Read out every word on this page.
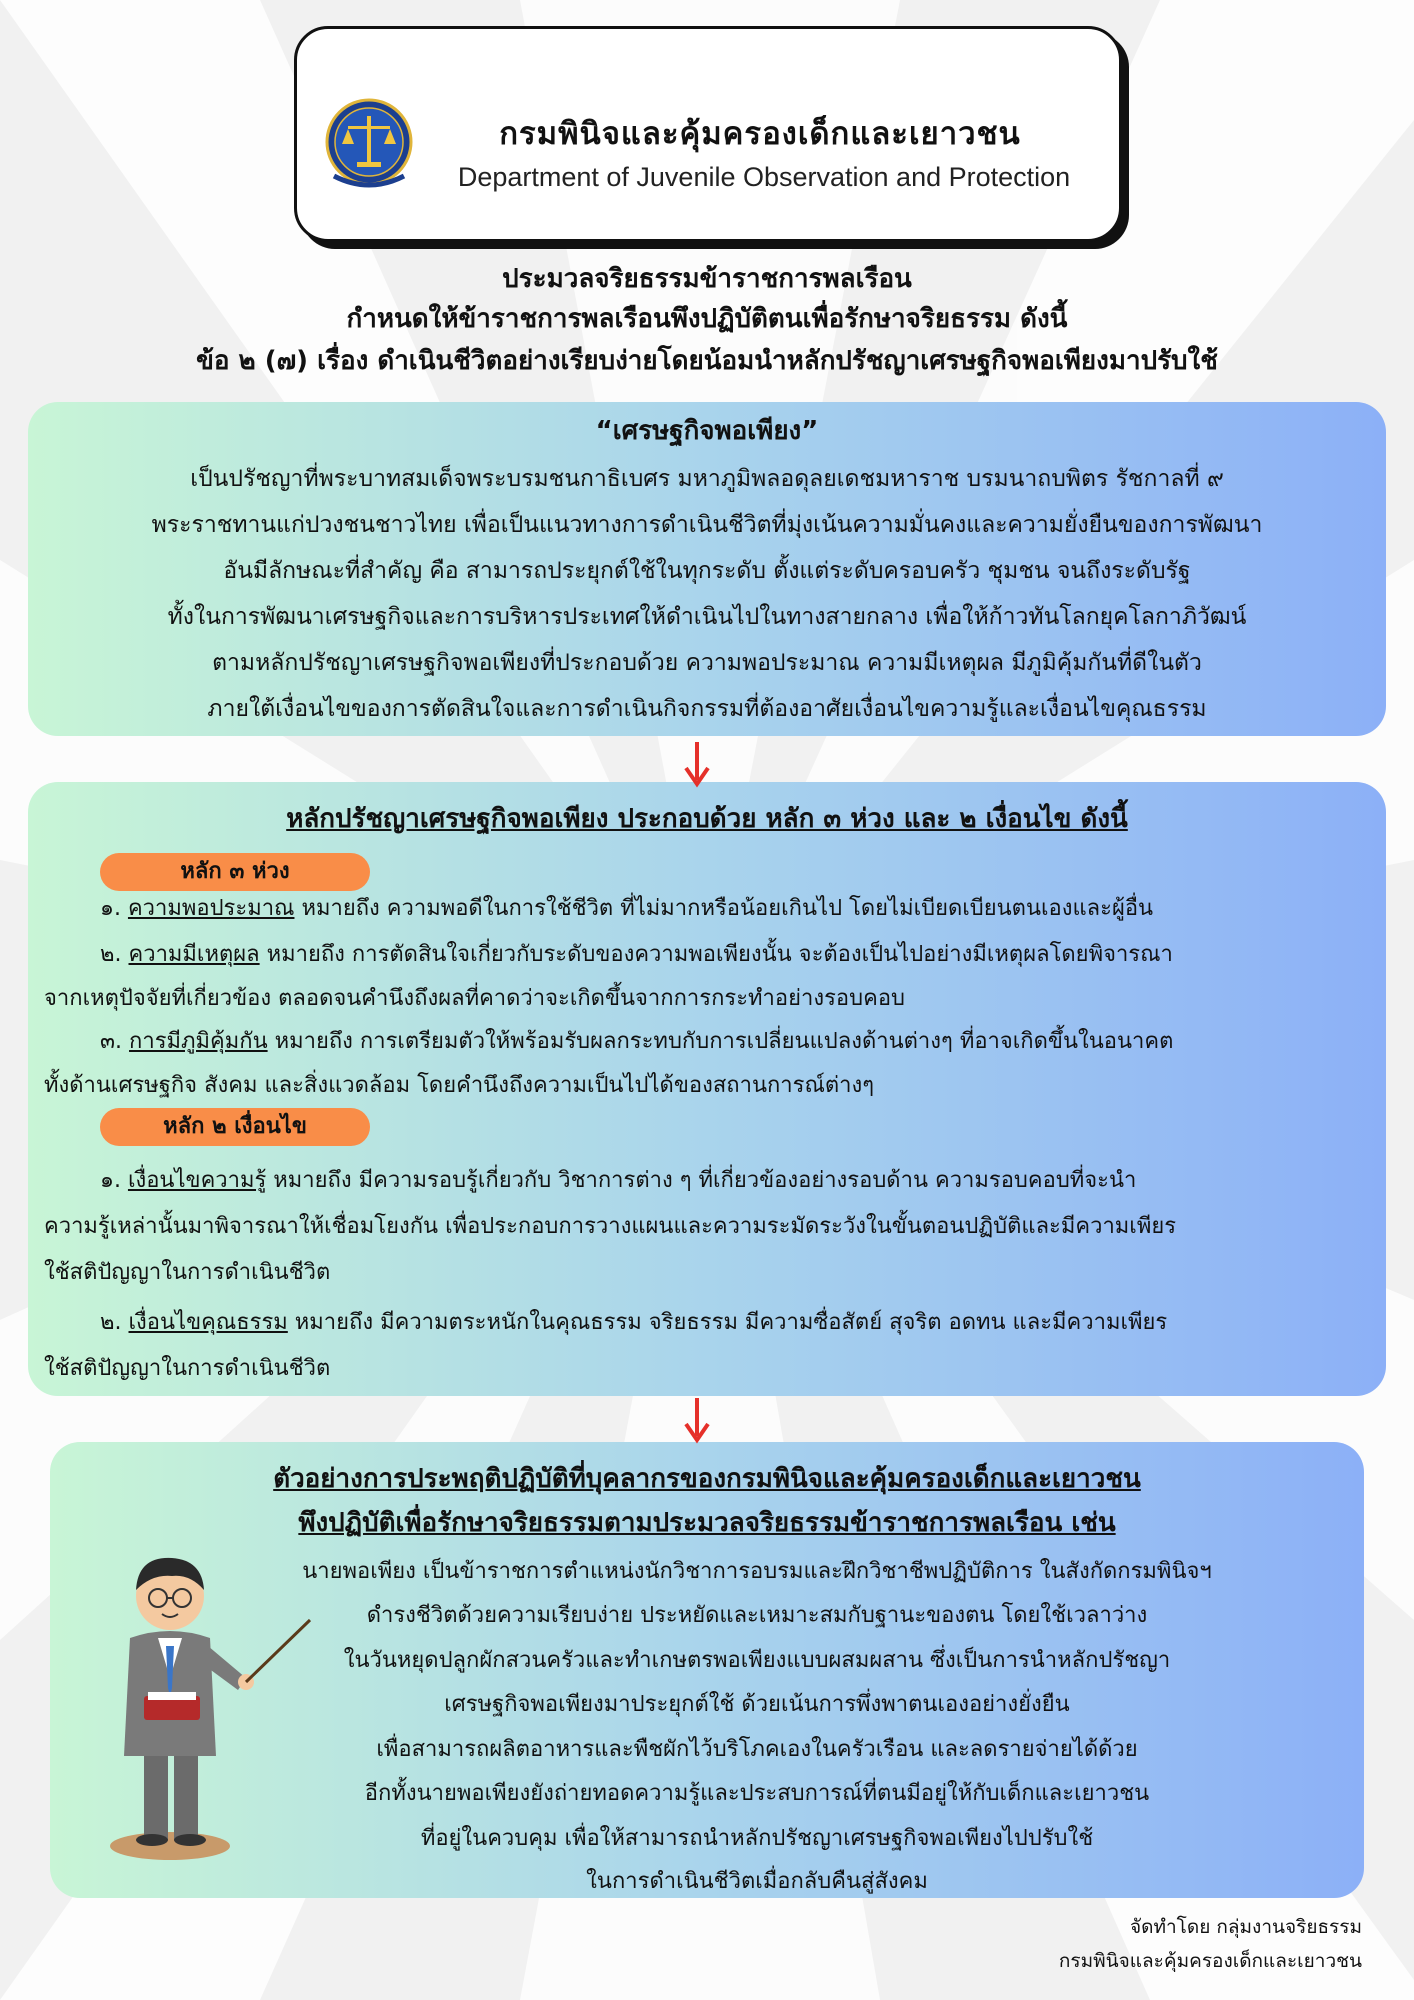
กรมพินิจและคุ้มครองเด็กและเยาวชน
Department of Juvenile Observation and Protection
ประมวลจริยธรรมข้าราชการพลเรือน
กำหนดให้ข้าราชการพลเรือนพึงปฏิบัติตนเพื่อรักษาจริยธรรม ดังนี้
ข้อ ๒ (๗) เรื่อง ดำเนินชีวิตอย่างเรียบง่ายโดยน้อมนำหลักปรัชญาเศรษฐกิจพอเพียงมาปรับใช้
“เศรษฐกิจพอเพียง”
เป็นปรัชญาที่พระบาทสมเด็จพระบรมชนกาธิเบศร มหาภูมิพลอดุลยเดชมหาราช บรมนาถบพิตร รัชกาลที่ ๙
พระราชทานแก่ปวงชนชาวไทย เพื่อเป็นแนวทางการดำเนินชีวิตที่มุ่งเน้นความมั่นคงและความยั่งยืนของการพัฒนา
อันมีลักษณะที่สำคัญ คือ สามารถประยุกต์ใช้ในทุกระดับ ตั้งแต่ระดับครอบครัว ชุมชน จนถึงระดับรัฐ
ทั้งในการพัฒนาเศรษฐกิจและการบริหารประเทศให้ดำเนินไปในทางสายกลาง เพื่อให้ก้าวทันโลกยุคโลกาภิวัฒน์
ตามหลักปรัชญาเศรษฐกิจพอเพียงที่ประกอบด้วย ความพอประมาณ ความมีเหตุผล มีภูมิคุ้มกันที่ดีในตัว
ภายใต้เงื่อนไขของการตัดสินใจและการดำเนินกิจกรรมที่ต้องอาศัยเงื่อนไขความรู้และเงื่อนไขคุณธรรม
หลักปรัชญาเศรษฐกิจพอเพียง ประกอบด้วย หลัก ๓ ห่วง และ ๒ เงื่อนไข ดังนี้
หลัก ๓ ห่วง
๑. ความพอประมาณ หมายถึง ความพอดีในการใช้ชีวิต ที่ไม่มากหรือน้อยเกินไป โดยไม่เบียดเบียนตนเองและผู้อื่น
๒. ความมีเหตุผล หมายถึง การตัดสินใจเกี่ยวกับระดับของความพอเพียงนั้น จะต้องเป็นไปอย่างมีเหตุผลโดยพิจารณา
จากเหตุปัจจัยที่เกี่ยวข้อง ตลอดจนคำนึงถึงผลที่คาดว่าจะเกิดขึ้นจากการกระทำอย่างรอบคอบ
๓. การมีภูมิคุ้มกัน หมายถึง การเตรียมตัวให้พร้อมรับผลกระทบกับการเปลี่ยนแปลงด้านต่างๆ ที่อาจเกิดขึ้นในอนาคต
ทั้งด้านเศรษฐกิจ สังคม และสิ่งแวดล้อม โดยคำนึงถึงความเป็นไปได้ของสถานการณ์ต่างๆ
หลัก ๒ เงื่อนไข
๑. เงื่อนไขความรู้ หมายถึง มีความรอบรู้เกี่ยวกับ วิชาการต่าง ๆ ที่เกี่ยวข้องอย่างรอบด้าน ความรอบคอบที่จะนำ
ความรู้เหล่านั้นมาพิจารณาให้เชื่อมโยงกัน เพื่อประกอบการวางแผนและความระมัดระวังในขั้นตอนปฏิบัติและมีความเพียร
ใช้สติปัญญาในการดำเนินชีวิต
๒. เงื่อนไขคุณธรรม หมายถึง มีความตระหนักในคุณธรรม จริยธรรม มีความซื่อสัตย์ สุจริต อดทน และมีความเพียร
ใช้สติปัญญาในการดำเนินชีวิต
ตัวอย่างการประพฤติปฏิบัติที่บุคลากรของกรมพินิจและคุ้มครองเด็กและเยาวชน
พึงปฏิบัติเพื่อรักษาจริยธรรมตามประมวลจริยธรรมข้าราชการพลเรือน เช่น
นายพอเพียง เป็นข้าราชการตำแหน่งนักวิชาการอบรมและฝึกวิชาชีพปฏิบัติการ ในสังกัดกรมพินิจฯ
ดำรงชีวิตด้วยความเรียบง่าย ประหยัดและเหมาะสมกับฐานะของตน โดยใช้เวลาว่าง
ในวันหยุดปลูกผักสวนครัวและทำเกษตรพอเพียงแบบผสมผสาน ซึ่งเป็นการนำหลักปรัชญา
เศรษฐกิจพอเพียงมาประยุกต์ใช้ ด้วยเน้นการพึ่งพาตนเองอย่างยั่งยืน
เพื่อสามารถผลิตอาหารและพืชผักไว้บริโภคเองในครัวเรือน และลดรายจ่ายได้ด้วย
อีกทั้งนายพอเพียงยังถ่ายทอดความรู้และประสบการณ์ที่ตนมีอยู่ให้กับเด็กและเยาวชน
ที่อยู่ในควบคุม เพื่อให้สามารถนำหลักปรัชญาเศรษฐกิจพอเพียงไปปรับใช้
ในการดำเนินชีวิตเมื่อกลับคืนสู่สังคม
จัดทำโดย กลุ่มงานจริยธรรม
กรมพินิจและคุ้มครองเด็กและเยาวชน
